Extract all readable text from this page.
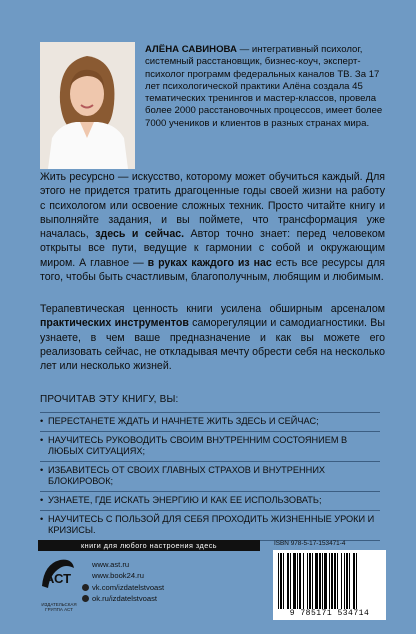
АЛЁНА САВИНОВА — интегративный психолог, системный расстановщик, бизнес-коуч, эксперт-психолог программ федеральных каналов ТВ. За 17 лет психологической практики Алёна создала 45 тематических тренингов и мастер-классов, провела более 2000 расстановочных процессов, имеет более 7000 учеников и клиентов в разных странах мира.

Жить ресурсно — искусство, которому может обучиться каждый. Для этого не придется тратить драгоценные годы своей жизни на работу с психологом или освоение сложных техник. Просто читайте книгу и выполняйте задания, и вы поймете, что трансформация уже началась, здесь и сейчас. Автор точно знает: перед человеком открыты все пути, ведущие к гармонии с собой и окружающим миром. А главное — в руках каждого из нас есть все ресурсы для того, чтобы быть счастливым, благополучным, любящим и любимым.

Терапевтическая ценность книги усилена обширным арсеналом практических инструментов саморегуляции и самодиагностики. Вы узнаете, в чем ваше предназначение и как вы можете его реализовать сейчас, не откладывая мечту обрести себя на несколько лет или несколько жизней.

ПРОЧИТАВ ЭТУ КНИГУ, ВЫ:
• ПЕРЕСТАНЕТЕ ЖДАТЬ И НАЧНЕТЕ ЖИТЬ ЗДЕСЬ И СЕЙЧАС;
• НАУЧИТЕСЬ РУКОВОДИТЬ СВОИМ ВНУТРЕННИМ СОСТОЯНИЕМ В ЛЮБЫХ СИТУАЦИЯХ;
• ИЗБАВИТЕСЬ ОТ СВОИХ ГЛАВНЫХ СТРАХОВ И ВНУТРЕННИХ БЛОКИРОВОК;
• УЗНАЕТЕ, ГДЕ ИСКАТЬ ЭНЕРГИЮ И КАК ЕЕ ИСПОЛЬЗОВАТЬ;
• НАУЧИТЕСЬ С ПОЛЬЗОЙ ДЛЯ СЕБЯ ПРОХОДИТЬ ЖИЗНЕННЫЕ УРОКИ И КРИЗИСЫ.
книги для любого настроения здесь
АСТ
ИЗДАТЕЛЬСКАЯ ГРУППА АСТ
www.ast.ru
www.book24.ru
vk.com/izdatelstvoast
ok.ru/izdatelstvoast
ISBN 978-5-17-153471-4
9 785171 534714
